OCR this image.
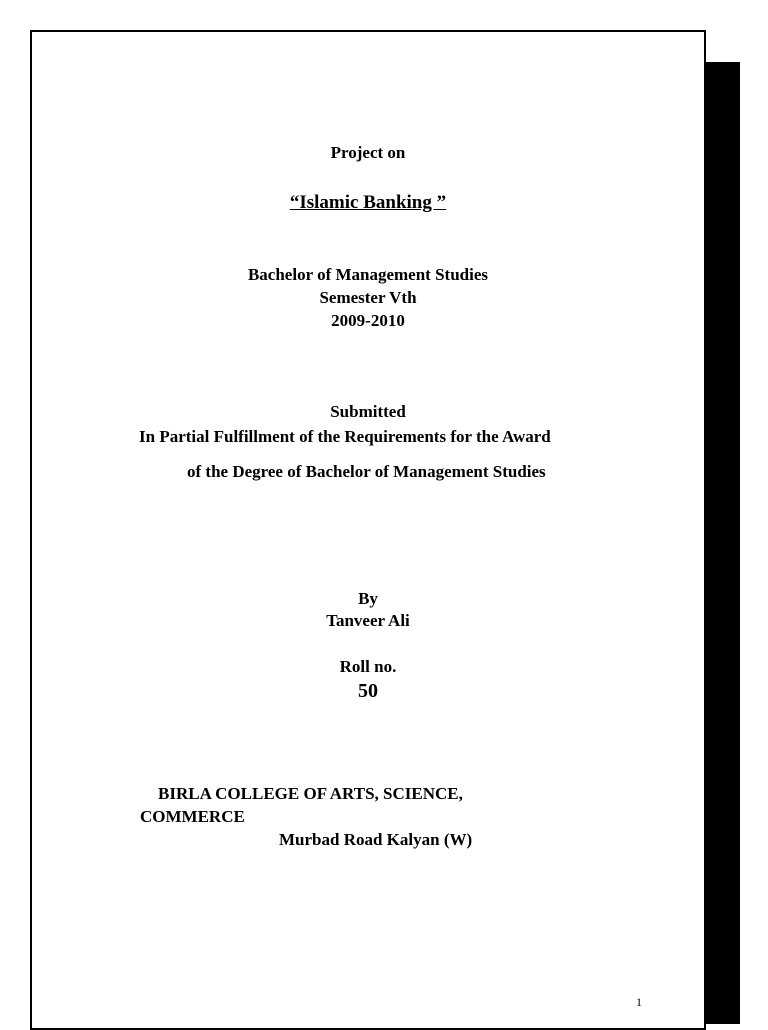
Project on
“Islamic Banking ”
Bachelor of Management Studies
Semester Vth
2009-2010
Submitted
In Partial Fulfillment of the Requirements for the Award
of the Degree of Bachelor of Management Studies
By
Tanveer Ali
Roll no.
50
BIRLA COLLEGE OF ARTS, SCIENCE,
COMMERCE
Murbad Road Kalyan (W)
1
